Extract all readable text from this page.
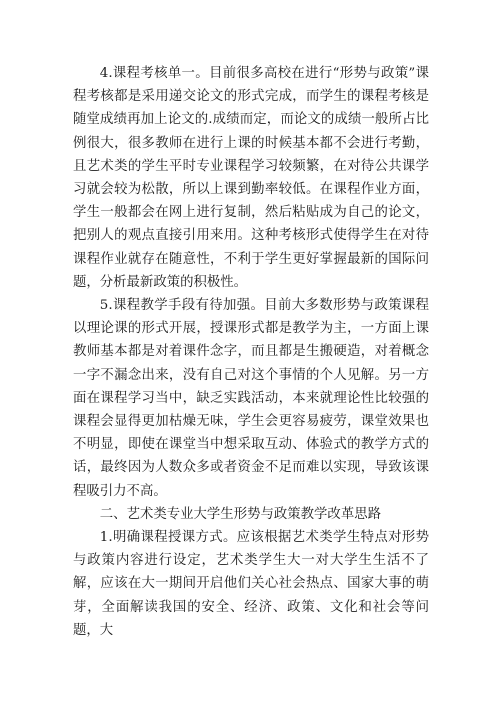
4.课程考核单一。目前很多高校在进行“形势与政策”课程考核都是采用递交论文的形式完成，而学生的课程考核是随堂成绩再加上论文的.成绩而定，而论文的成绩一般所占比例很大，很多教师在进行上课的时候基本都不会进行考勤，且艺术类的学生平时专业课程学习较频繁，在对待公共课学习就会较为松散，所以上课到勤率较低。在课程作业方面，学生一般都会在网上进行复制，然后粘贴成为自己的论文，把别人的观点直接引用来用。这种考核形式使得学生在对待课程作业就存在随意性，不利于学生更好掌握最新的国际问题，分析最新政策的积极性。

5.课程教学手段有待加强。目前大多数形势与政策课程以理论课的形式开展，授课形式都是教学为主，一方面上课教师基本都是对着课件念字，而且都是生搬硬造，对着概念一字不漏念出来，没有自己对这个事情的个人见解。另一方面在课程学习当中，缺乏实践活动，本来就理论性比较强的课程会显得更加枯燥无味，学生会更容易疲劳，课堂效果也不明显，即使在课堂当中想采取互动、体验式的教学方式的话，最终因为人数众多或者资金不足而难以实现，导致该课程吸引力不高。

二、艺术类专业大学生形势与政策教学改革思路

1.明确课程授课方式。应该根据艺术类学生特点对形势与政策内容进行设定，艺术类学生大一对大学生生活不了解，应该在大一期间开启他们关心社会热点、国家大事的萌芽，全面解读我国的安全、经济、政策、文化和社会等问题，大
